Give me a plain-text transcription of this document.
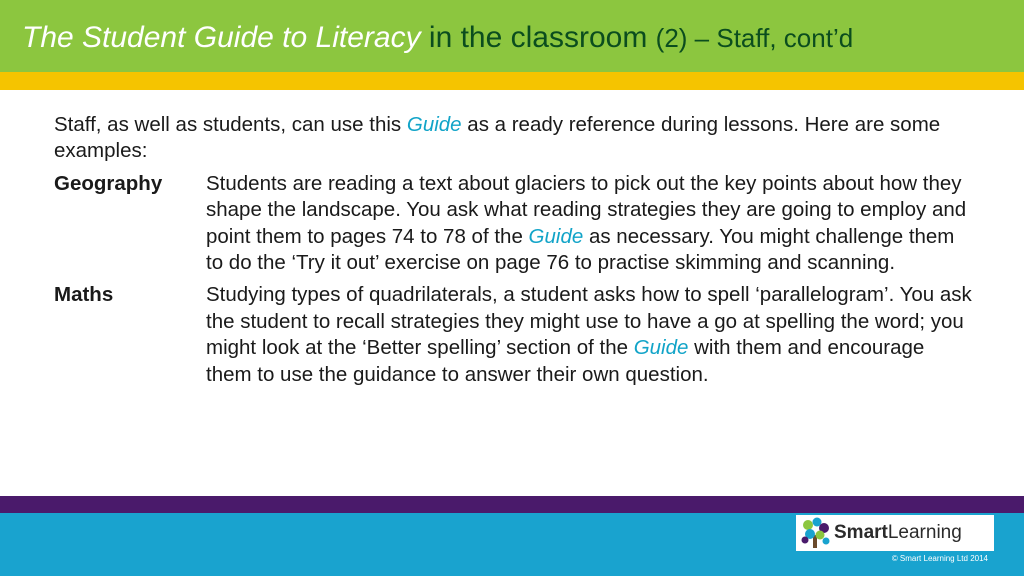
The Student Guide to Literacy in the classroom (2) – Staff, cont’d

Staff, as well as students, can use this Guide as a ready reference during lessons. Here are some examples:

Geography	Students are reading a text about glaciers to pick out the key points about how they shape the landscape. You ask what reading strategies they are going to employ and point them to pages 74 to 78 of the Guide as necessary. You might challenge them to do the ‘Try it out’ exercise on page 76 to practise skimming and scanning.
Maths	Studying types of quadrilaterals, a student asks how to spell ‘parallelogram’. You ask the student to recall strategies they might use to have a go at spelling the word; you might look at the ‘Better spelling’ section of the Guide with them and encourage them to use the guidance to answer their own question.
SmartLearning
© Smart Learning Ltd 2014
